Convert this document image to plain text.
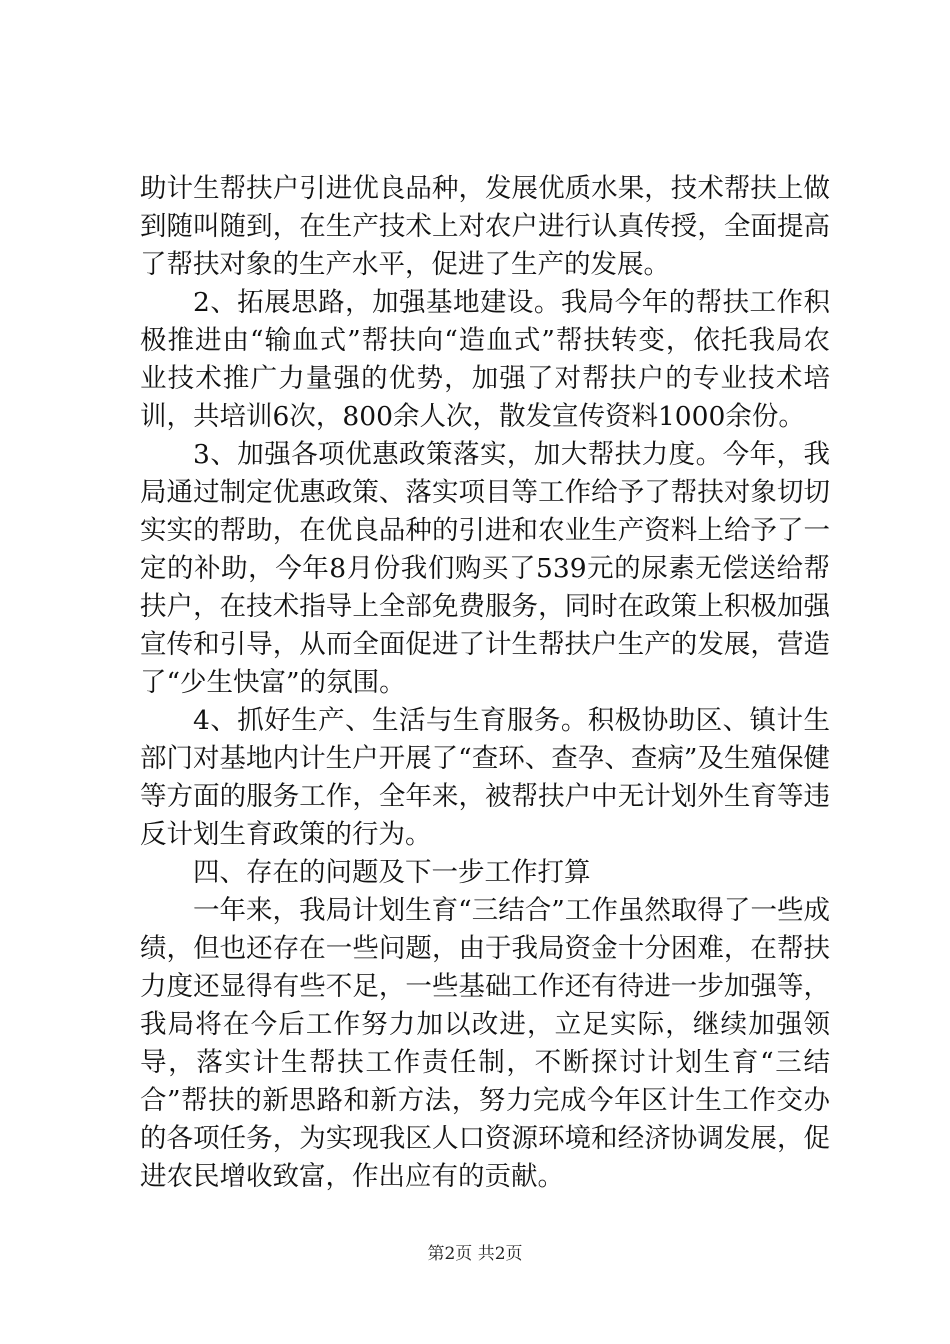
助计生帮扶户引进优良品种，发展优质水果，技术帮扶上做到随叫随到，在生产技术上对农户进行认真传授，全面提高了帮扶对象的生产水平，促进了生产的发展。

2、拓展思路，加强基地建设。我局今年的帮扶工作积极推进由“输血式”帮扶向“造血式”帮扶转变，依托我局农业技术推广力量强的优势，加强了对帮扶户的专业技术培训，共培训6次，800余人次，散发宣传资料1000余份。

3、加强各项优惠政策落实，加大帮扶力度。今年，我局通过制定优惠政策、落实项目等工作给予了帮扶对象切切实实的帮助，在优良品种的引进和农业生产资料上给予了一定的补助，今年8月份我们购买了539元的尿素无偿送给帮扶户，在技术指导上全部免费服务，同时在政策上积极加强宣传和引导，从而全面促进了计生帮扶户生产的发展，营造了“少生快富”的氛围。

4、抓好生产、生活与生育服务。积极协助区、镇计生部门对基地内计生户开展了“查环、查孕、查病”及生殖保健等方面的服务工作，全年来，被帮扶户中无计划外生育等违反计划生育政策的行为。

四、存在的问题及下一步工作打算

一年来，我局计划生育“三结合”工作虽然取得了一些成绩，但也还存在一些问题，由于我局资金十分困难，在帮扶力度还显得有些不足，一些基础工作还有待进一步加强等，我局将在今后工作努力加以改进，立足实际，继续加强领导，落实计生帮扶工作责任制，不断探讨计划生育“三结合”帮扶的新思路和新方法，努力完成今年区计生工作交办的各项任务，为实现我区人口资源环境和经济协调发展，促进农民增收致富，作出应有的贡献。

第2页 共2页
